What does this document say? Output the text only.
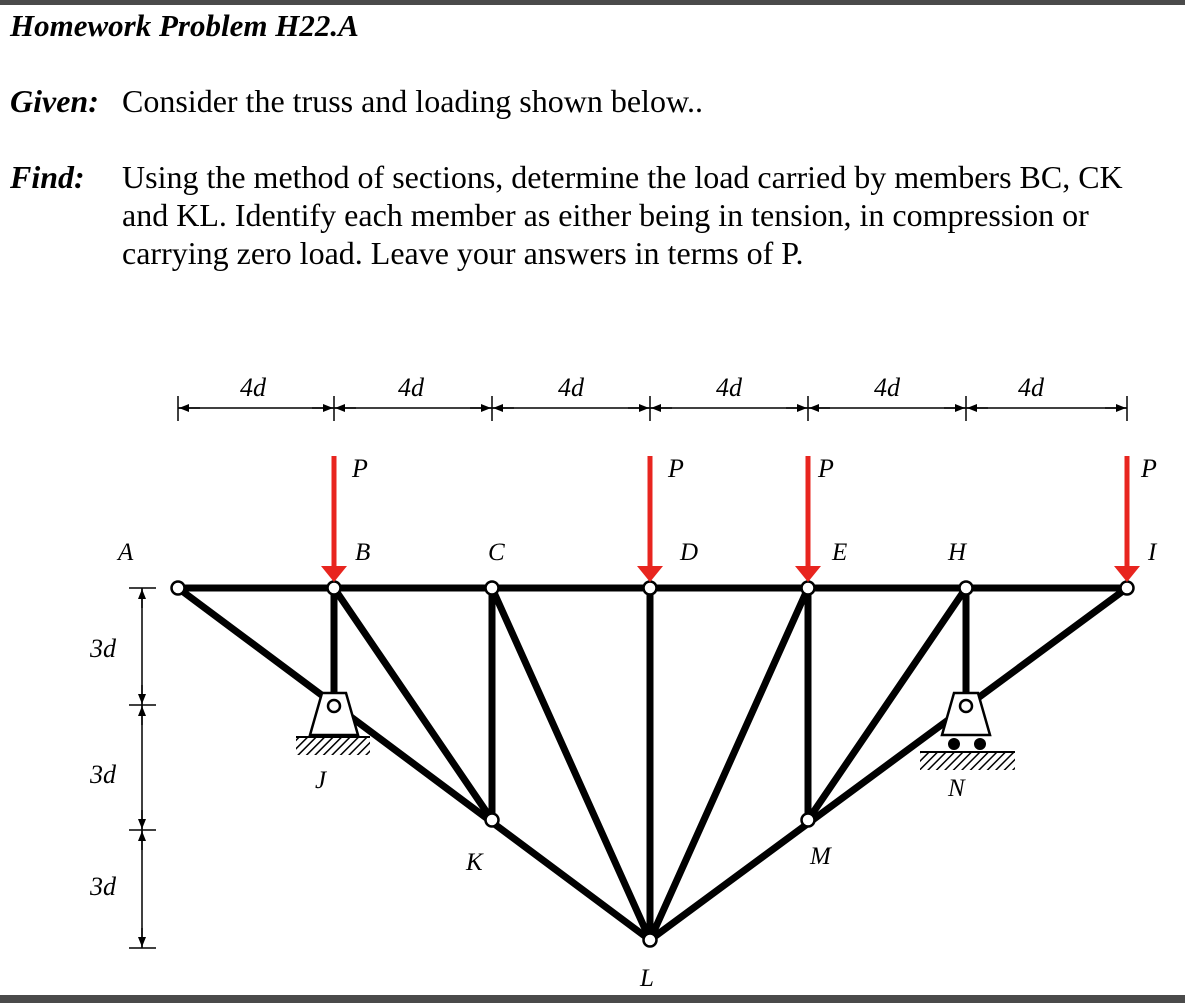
Homework Problem H22.A
Given: Consider the truss and loading shown below..
Find: Using the method of sections, determine the load carried by members BC, CK
and KL. Identify each member as either being in tension, in compression or
carrying zero load. Leave your answers in terms of P.
4d	4d	4d	4d	4d	4d
3d
3d
3d
P	P	P	P
A	B	C	D	E	H	I
J
K
L
M
N
